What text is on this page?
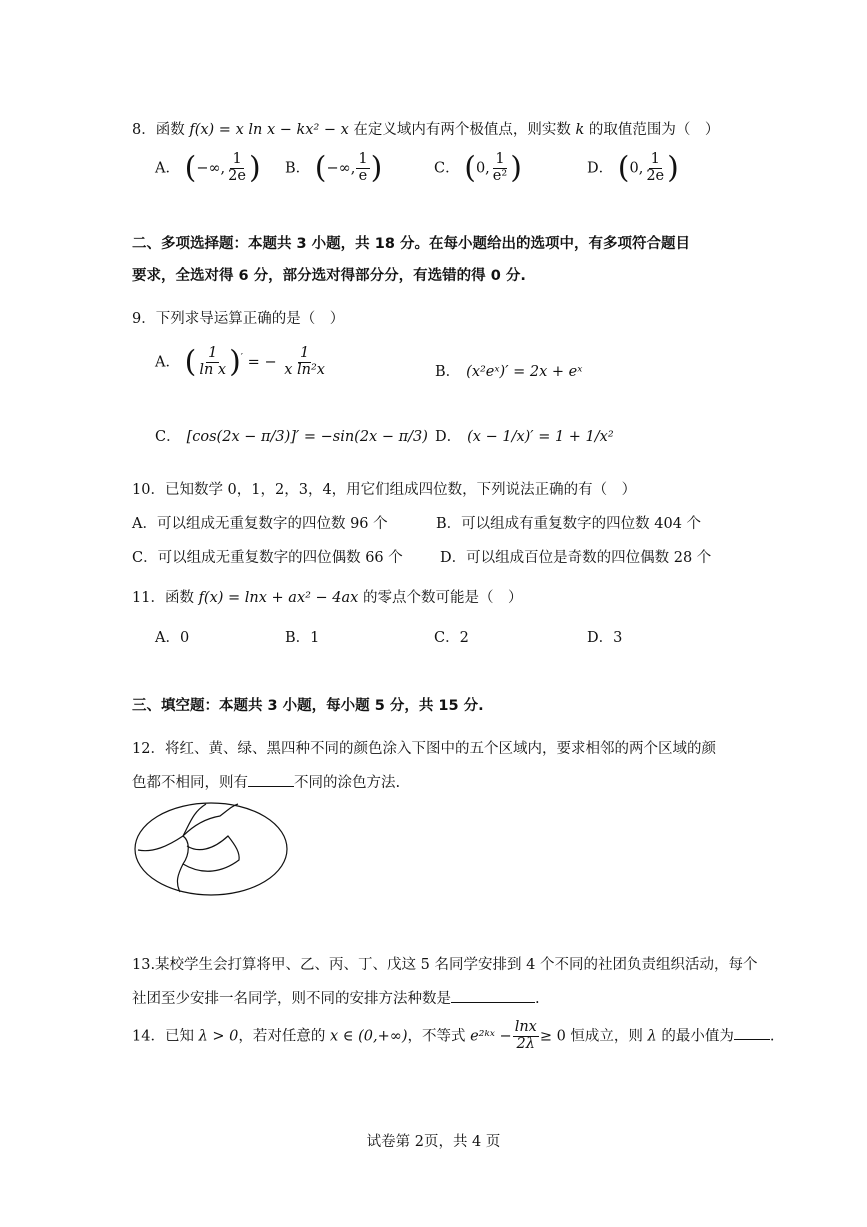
8．函数 f(x) = x ln x − kx² − x 在定义域内有两个极值点，则实数 k 的取值范围为（　）
A． (−∞, $\frac{1}{2e}$ ) B． (−∞, $\frac{1}{e}$ )	C． (0, $\frac{1}{\text{e²}}$ )	D． (0, $\frac{1}{2e}$ )
二、多项选择题：本题共 3 小题，共 18 分。在每小题给出的选项中，有多项符合题目
要求，全选对得 6 分，部分选对得部分分，有选错的得 0 分.
9．下列求导运算正确的是（　）
A． ( $\frac{1}{\text{ln x}} )'$ = − $\frac{1}{\text{x ln²x}}$	B． (x²eˣ)′ = 2x + eˣ
C． [cos(2x − π/3)]′ = −sin(2x − π/3) D． (x − 1/x)′ = 1 + 1/x²
10．已知数学 0，1，2，3，4，用它们组成四位数，下列说法正确的有（　）
A．可以组成无重复数字的四位数 96 个	B．可以组成有重复数字的四位数 404 个
C．可以组成无重复数字的四位偶数 66 个	D．可以组成百位是奇数的四位偶数 28 个
11．函数 f(x) = lnx + ax² − 4ax 的零点个数可能是（　）
A．0	B．1	C．2	D．3
三、填空题：本题共 3 小题，每小题 5 分，共 15 分.
12．将红、黄、绿、黑四种不同的颜色涂入下图中的五个区域内，要求相邻的两个区域的颜
色都不相同，则有	不同的涂色方法.
13.某校学生会打算将甲、乙、丙、丁、戊这 5 名同学安排到 4 个不同的社团负责组织活动，每个
社团至少安排一名同学，则不同的安排方法种数是	.
14．已知 λ > 0，若对任意的 x ∈ (0,+∞)，不等式 e²ᵏˣ − $\frac{\ln x}{2\lambda} \ge 0$ 恒成立，则 λ 的最小值为 .
试卷第 2页，共 4 页
